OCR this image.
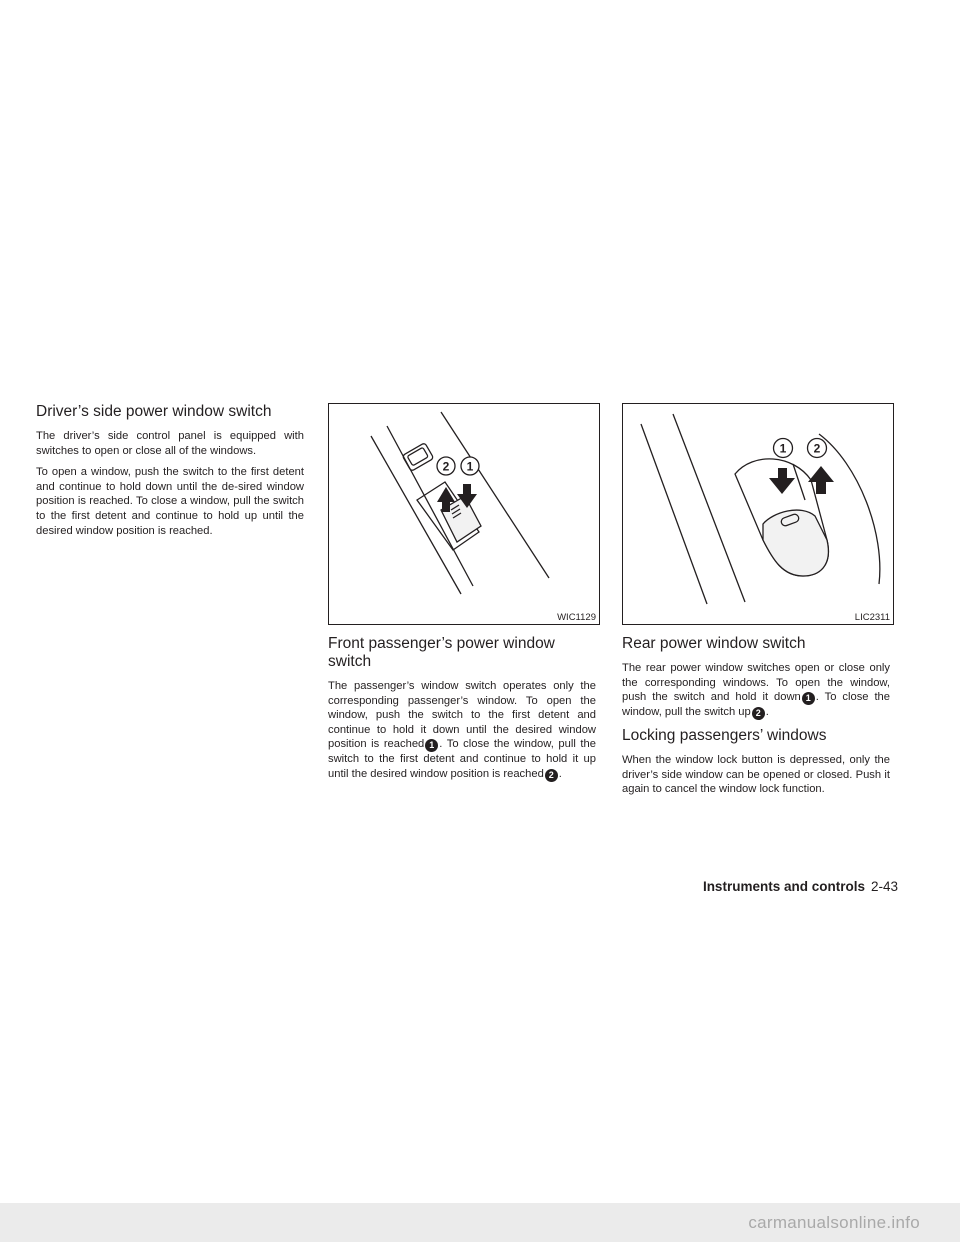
Driver’s side power window switch

The driver’s side control panel is equipped with switches to open or close all of the windows.

To open a window, push the switch to the first detent and continue to hold down until the de-sired window position is reached. To close a window, pull the switch to the first detent and continue to hold up until the desired window position is reached.

2 1
WIC1129
Front passenger’s power window switch

The passenger’s window switch operates only the corresponding passenger’s window. To open the window, push the switch to the first detent and continue to hold it down until the desired window position is reached 1 . To close the window, pull the switch to the first detent and continue to hold it up until the desired window position is reached 2 .

1 2
LIC2311
Rear power window switch

The rear power window switches open or close only the corresponding windows. To open the window, push the switch and hold it down 1 . To close the window, pull the switch up 2 .

Locking passengers’ windows

When the window lock button is depressed, only the driver’s side window can be opened or closed. Push it again to cancel the window lock function.

Instruments and controls 2-43
carmanualsonline.info
